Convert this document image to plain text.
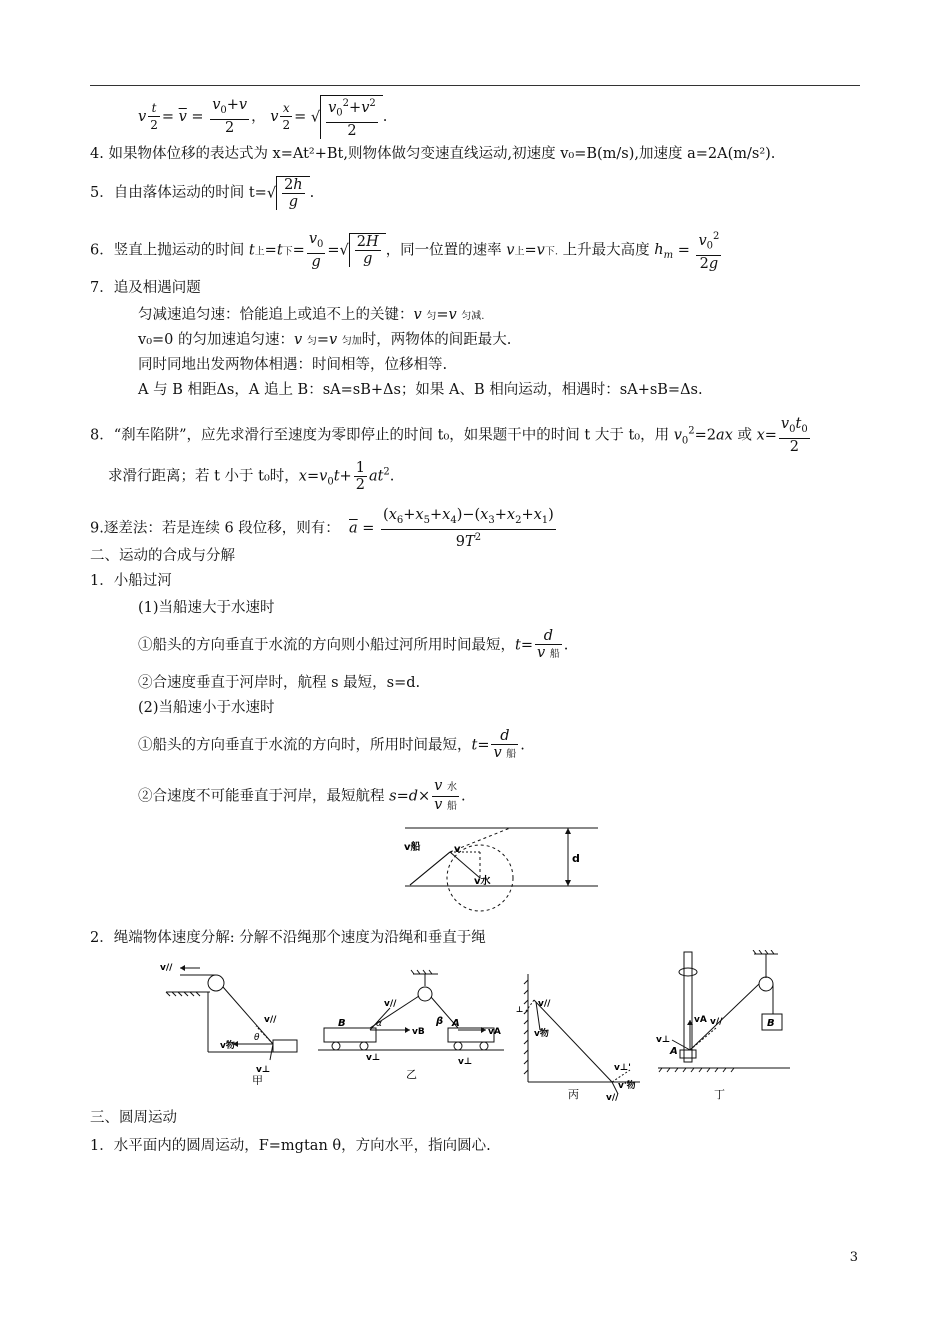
v $\frac{t}{2} = \overline{v} = \frac{v_0+v}{2}$ ， v $\frac{x}{2}$ = √ $\frac{v_0^2+v^2}{2}$ .
4. 如果物体位移的表达式为 x=At²+Bt,则物体做匀变速直线运动,初速度 v₀=B(m/s),加速度 a=2A(m/s²).
5．自由落体运动的时间 $t=√ \frac{2h}{g}$ .
6．竖直上抛运动的时间 t上=t下= $\frac{v_0}{g}$ =√ $\frac{2H}{g}$ ，同一位置的速率 v上=v下. 上升最大高度 $h_m = \frac{v_0^2}{2g}$
7．追及相遇问题
匀减速追匀速：恰能追上或追不上的关键：v 匀=v 匀减.
v₀=0 的匀加速追匀速：v 匀=v 匀加时，两物体的间距最大.
同时同地出发两物体相遇：时间相等，位移相等.
A 与 B 相距Δs，A 追上 B：sA=sB+Δs；如果 A、B 相向运动，相遇时：sA+sB=Δs.
8．“刹车陷阱”，应先求滑行至速度为零即停止的时间 t₀，如果题干中的时间 t 大于 t₀，用 $v_0^2=2ax$ 或 $x= \frac{v_0t_0}{2}$
求滑行距离；若 t 小于 t₀时，$x=v_0t+ \frac{1}{2} at^2$.
9.逐差法：若是连续 6 段位移，则有： $\overline{a} = \frac{(x_6+x_5+x_4)-(x_3+x_2+x_1)}{9T^2}$
二、运动的合成与分解
1．小船过河
(1)当船速大于水速时
①船头的方向垂直于水流的方向则小船过河所用时间最短，$t= \frac{d}{\text{v 船}}$ .
②合速度垂直于河岸时，航程 s 最短，s=d.
(2)当船速小于水速时
①船头的方向垂直于水流的方向时，所用时间最短，$t= \frac{d}{\text{v 船}}$ .
②合速度不可能垂直于河岸，最短航程 $s=d\times \frac{\text{v 水}}{\text{v 船}}$ .
v船	v
v水
d
2．绳端物体速度分解: 分解不沿绳那个速度为沿绳和垂直于绳
v//
v//
θ
v物
v⊥
甲
B	A
v//
vB	vA
β
α
v⊥	v⊥
乙
v//
v物
⊥
v⊥'
v'物
v//
丙
B
vA v//
v⊥
A
丁
三、圆周运动
1．水平面内的圆周运动，F=mgtan θ，方向水平，指向圆心.
3
